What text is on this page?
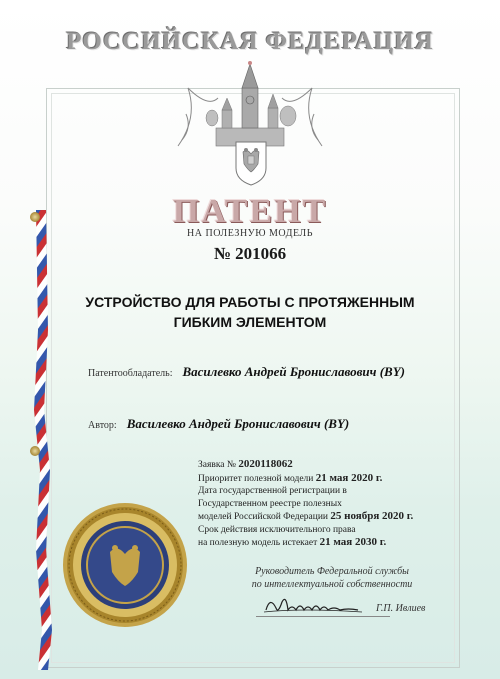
РОССИЙСКАЯ ФЕДЕРАЦИЯ
ПАТЕНТ
НА ПОЛЕЗНУЮ МОДЕЛЬ
№ 201066
УСТРОЙСТВО ДЛЯ РАБОТЫ С ПРОТЯЖЕННЫМ
ГИБКИМ ЭЛЕМЕНТОМ
Патентообладатель: Василевко Андрей Брониславович (BY)
Автор: Василевко Андрей Брониславович (BY)
Заявка № 2020118062
Приоритет полезной модели 21 мая 2020 г.
Дата государственной регистрации в
Государственном реестре полезных
моделей Российской Федерации 25 ноября 2020 г.
Срок действия исключительного права
на полезную модель истекает 21 мая 2030 г.
Руководитель Федеральной службы
по интеллектуальной собственности
Г.П. Ивлиев
